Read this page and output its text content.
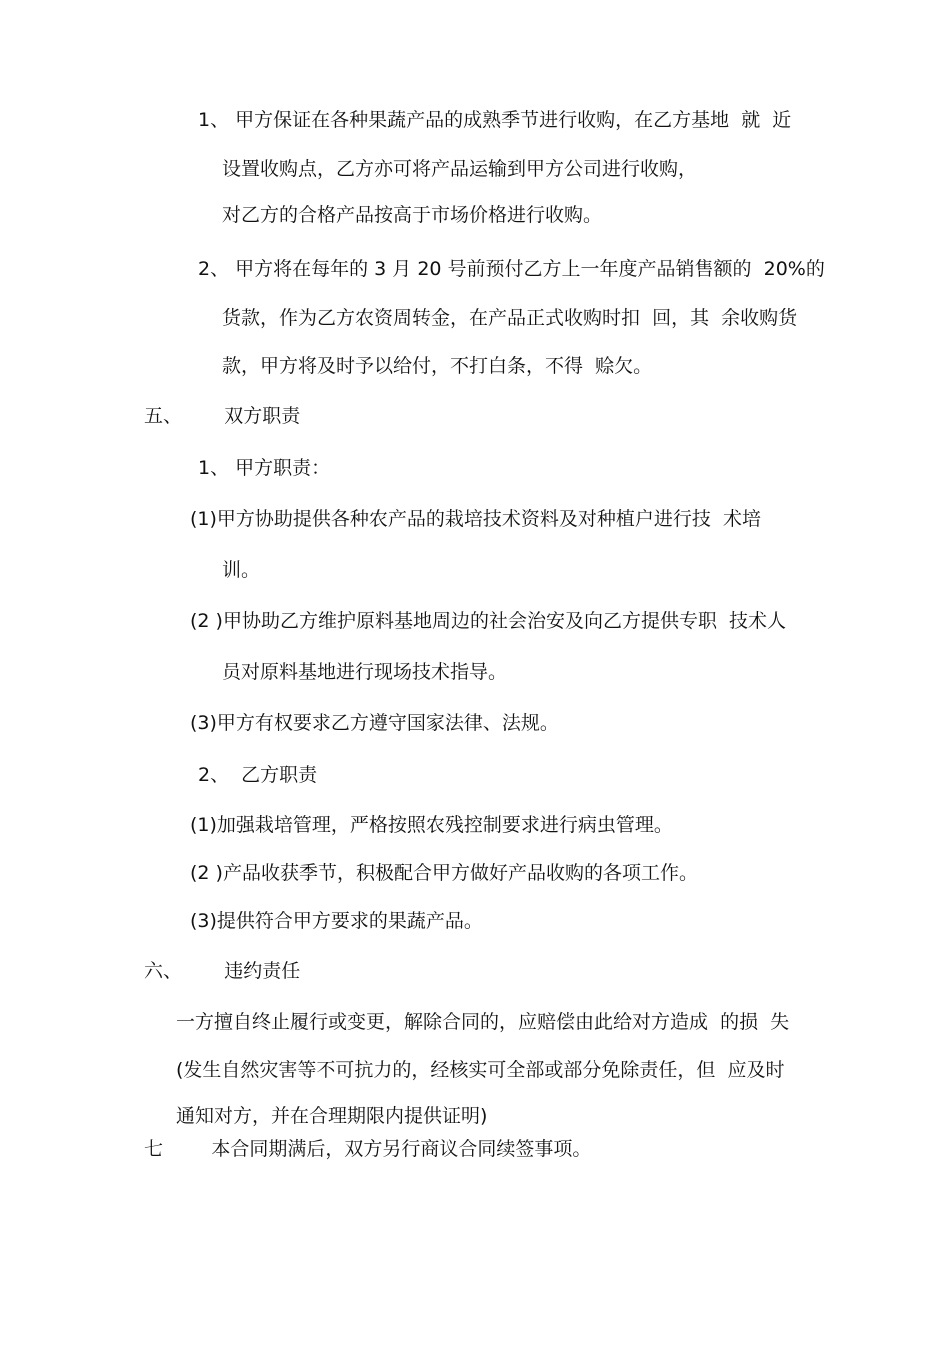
1、 甲方保证在各种果蔬产品的成熟季节进行收购，在乙方基地  就  近
设置收购点，乙方亦可将产品运输到甲方公司进行收购，
对乙方的合格产品按高于市场价格进行收购。
2、 甲方将在每年的 3 月 20 号前预付乙方上一年度产品销售额的  20%的
货款，作为乙方农资周转金，在产品正式收购时扣  回，其  余收购货
款，甲方将及时予以给付，不打白条，不得  赊欠。
五、       双方职责
1、 甲方职责：
(1)甲方协助提供各种农产品的栽培技术资料及对种植户进行技  术培
训。
(2 )甲协助乙方维护原料基地周边的社会治安及向乙方提供专职  技术人
员对原料基地进行现场技术指导。
(3)甲方有权要求乙方遵守国家法律、法规。
2、  乙方职责
(1)加强栽培管理，严格按照农残控制要求进行病虫管理。
(2 )产品收获季节，积极配合甲方做好产品收购的各项工作。
(3)提供符合甲方要求的果蔬产品。
六、       违约责任
一方擅自终止履行或变更，解除合同的，应赔偿由此给对方造成  的损  失
(发生自然灾害等不可抗力的，经核实可全部或部分免除责任，但  应及时
通知对方，并在合理期限内提供证明)
七        本合同期满后，双方另行商议合同续签事项。
